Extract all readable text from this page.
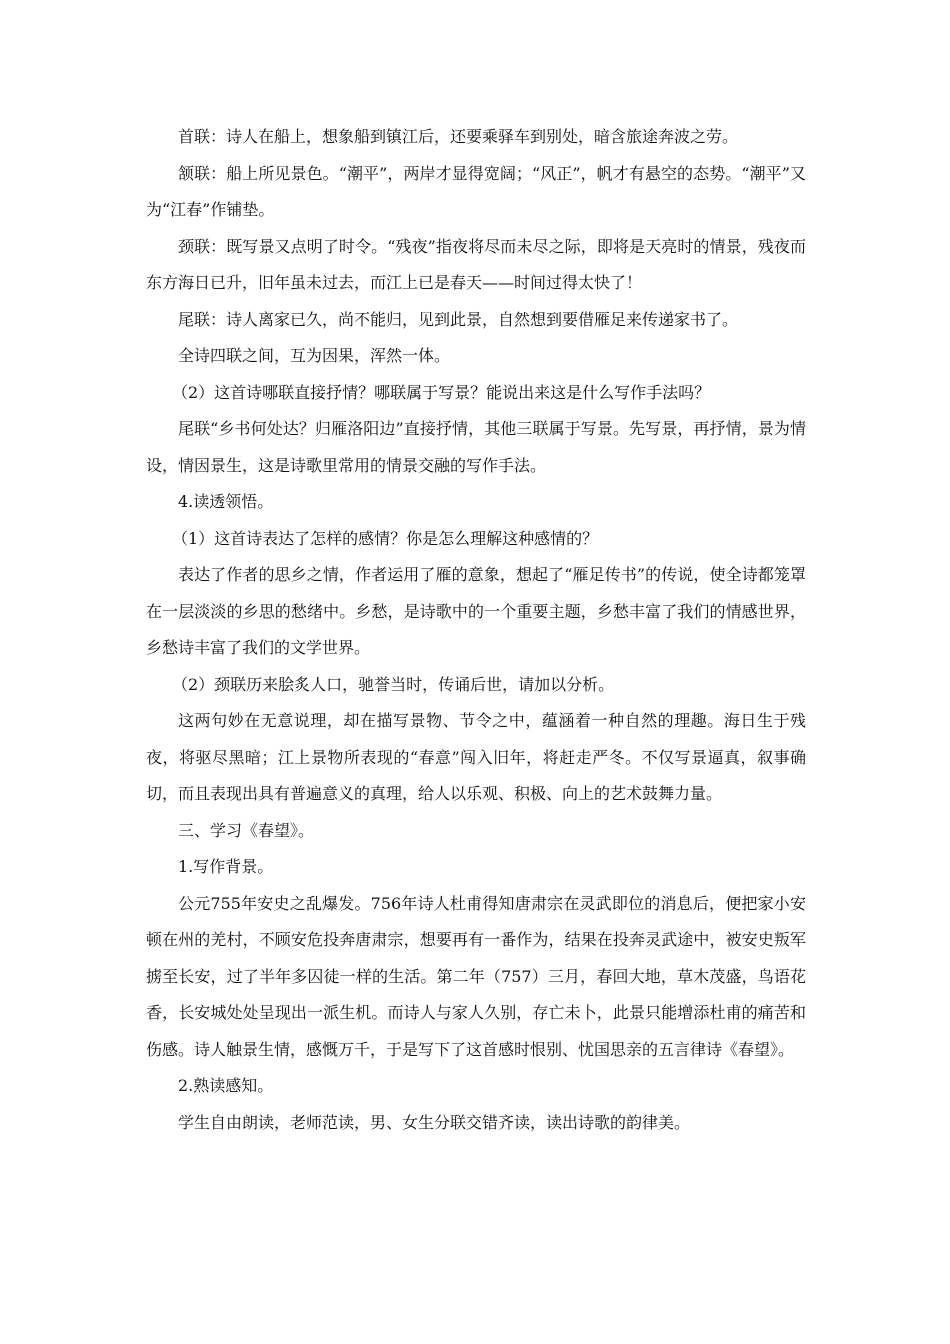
首联：诗人在船上，想象船到镇江后，还要乘驿车到别处，暗含旅途奔波之劳。

颔联：船上所见景色。“潮平”，两岸才显得宽阔；“风正”，帆才有悬空的态势。“潮平”又为“江春”作铺垫。

颈联：既写景又点明了时令。“残夜”指夜将尽而未尽之际，即将是天亮时的情景，残夜而东方海日已升，旧年虽未过去，而江上已是春天——时间过得太快了！

尾联：诗人离家已久，尚不能归，见到此景，自然想到要借雁足来传递家书了。

全诗四联之间，互为因果，浑然一体。

（2）这首诗哪联直接抒情？哪联属于写景？能说出来这是什么写作手法吗？

尾联“乡书何处达？归雁洛阳边”直接抒情，其他三联属于写景。先写景，再抒情，景为情设，情因景生，这是诗歌里常用的情景交融的写作手法。

4.读透领悟。

（1）这首诗表达了怎样的感情？你是怎么理解这种感情的？

表达了作者的思乡之情，作者运用了雁的意象，想起了“雁足传书”的传说，使全诗都笼罩在一层淡淡的乡思的愁绪中。乡愁，是诗歌中的一个重要主题，乡愁丰富了我们的情感世界，乡愁诗丰富了我们的文学世界。

（2）颈联历来脍炙人口，驰誉当时，传诵后世，请加以分析。

这两句妙在无意说理，却在描写景物、节令之中，蕴涵着一种自然的理趣。海日生于残夜，将驱尽黑暗；江上景物所表现的“春意”闯入旧年，将赶走严冬。不仅写景逼真，叙事确切，而且表现出具有普遍意义的真理，给人以乐观、积极、向上的艺术鼓舞力量。

三、学习《春望》。

1.写作背景。

公元755年安史之乱爆发。756年诗人杜甫得知唐肃宗在灵武即位的消息后，便把家小安顿在州的羌村，不顾安危投奔唐肃宗，想要再有一番作为，结果在投奔灵武途中，被安史叛军掳至长安，过了半年多囚徒一样的生活。第二年（757）三月，春回大地，草木茂盛，鸟语花香，长安城处处呈现出一派生机。而诗人与家人久别，存亡未卜，此景只能增添杜甫的痛苦和伤感。诗人触景生情，感慨万千，于是写下了这首感时恨别、忧国思亲的五言律诗《春望》。

2.熟读感知。

学生自由朗读，老师范读，男、女生分联交错齐读，读出诗歌的韵律美。
